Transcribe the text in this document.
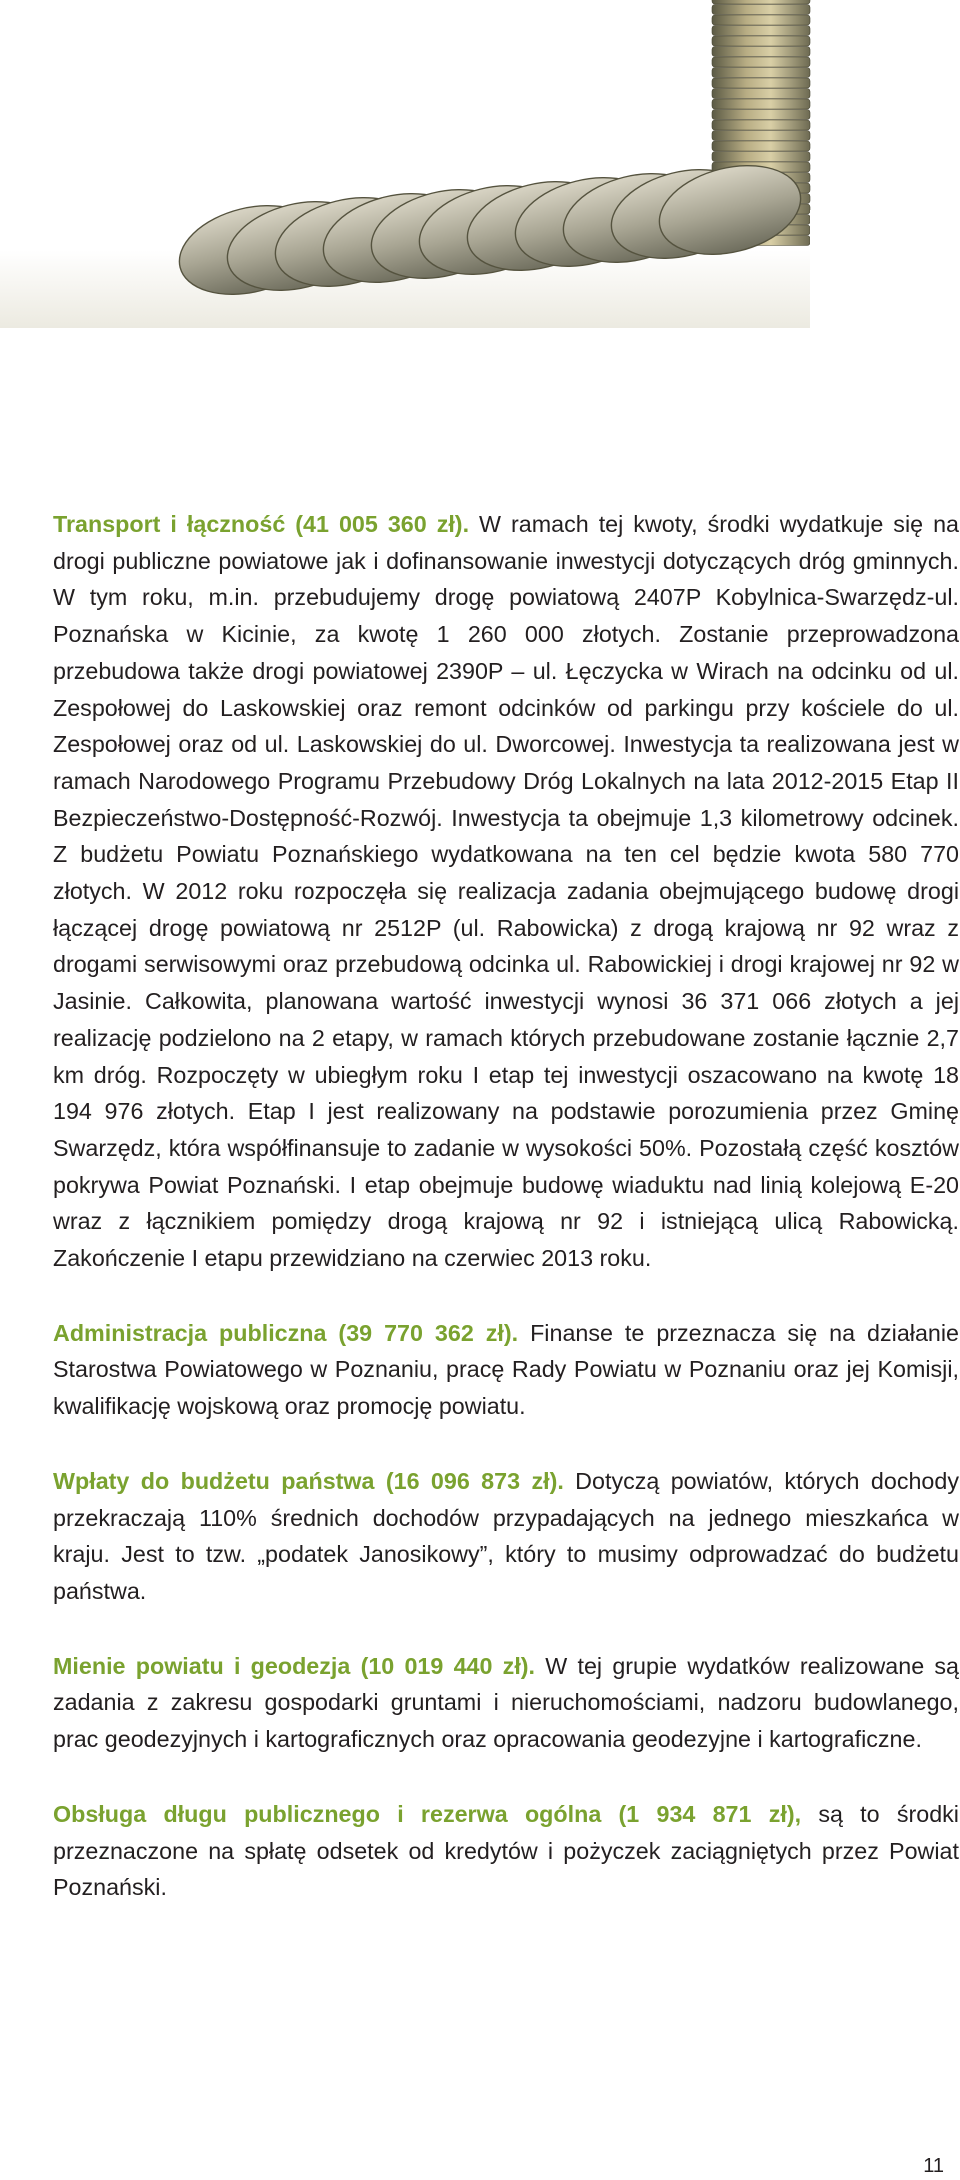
Transport i łączność (41 005 360 zł). W ramach tej kwoty, środki wydatkuje się na drogi publiczne powiatowe jak i dofinansowanie inwestycji dotyczących dróg gminnych. W tym roku, m.in. przebudujemy drogę powiatową 2407P Kobylnica-Swarzędz-ul. Poznańska w Kicinie, za kwotę 1 260 000 złotych. Zostanie przeprowadzona przebudowa także drogi powiatowej 2390P – ul. Łęczycka w Wirach na odcinku od ul. Zespołowej do Laskowskiej oraz remont odcinków od parkingu przy kościele do ul. Zespołowej oraz od ul. Laskowskiej do ul. Dworcowej. Inwestycja ta realizowana jest w ramach Narodowego Programu Przebudowy Dróg Lokalnych na lata 2012-2015 Etap II Bezpieczeństwo-Dostępność-Rozwój. Inwestycja ta obejmuje 1,3 kilometrowy odcinek. Z budżetu Powiatu Poznańskiego wydatkowana na ten cel będzie kwota 580 770 złotych. W 2012 roku rozpoczęła się realizacja zadania obejmującego budowę drogi łączącej drogę powiatową nr 2512P (ul. Rabowicka) z drogą krajową nr 92 wraz z drogami serwisowymi oraz przebudową odcinka ul. Rabowickiej i drogi krajowej nr 92 w Jasinie. Całkowita, planowana wartość inwestycji wynosi 36 371 066 złotych a jej realizację podzielono na 2 etapy, w ramach których przebudowane zostanie łącznie 2,7 km dróg. Rozpoczęty w ubiegłym roku I etap tej inwestycji oszacowano na kwotę 18 194 976 złotych. Etap I jest realizowany na podstawie porozumienia przez Gminę Swarzędz, która współfinansuje to zadanie w wysokości 50%. Pozostałą część kosztów pokrywa Powiat Poznański. I etap obejmuje budowę wiaduktu nad linią kolejową E-20 wraz z łącznikiem pomiędzy drogą krajową nr 92 i istniejącą ulicą Rabowicką. Zakończenie I etapu przewidziano na czerwiec 2013 roku.

Administracja publiczna (39 770 362 zł). Finanse te przeznacza się na działanie Starostwa Powiatowego w Poznaniu, pracę Rady Powiatu w Poznaniu oraz jej Komisji, kwalifikację wojskową oraz promocję powiatu.

Wpłaty do budżetu państwa (16 096 873 zł). Dotyczą powiatów, których dochody przekraczają 110% średnich dochodów przypadających na jednego mieszkańca w kraju. Jest to tzw. „podatek Janosikowy”, który to musimy odprowadzać do budżetu państwa.

Mienie powiatu i geodezja (10 019 440 zł). W tej grupie wydatków realizowane są zadania z zakresu gospodarki gruntami i nieruchomościami, nadzoru budowlanego, prac geodezyjnych i kartograficznych oraz opracowania geodezyjne i kartograficzne.

Obsługa długu publicznego i rezerwa ogólna (1 934 871 zł), są to środki przeznaczone na spłatę odsetek od kredytów i pożyczek zaciągniętych przez Powiat Poznański.

11
